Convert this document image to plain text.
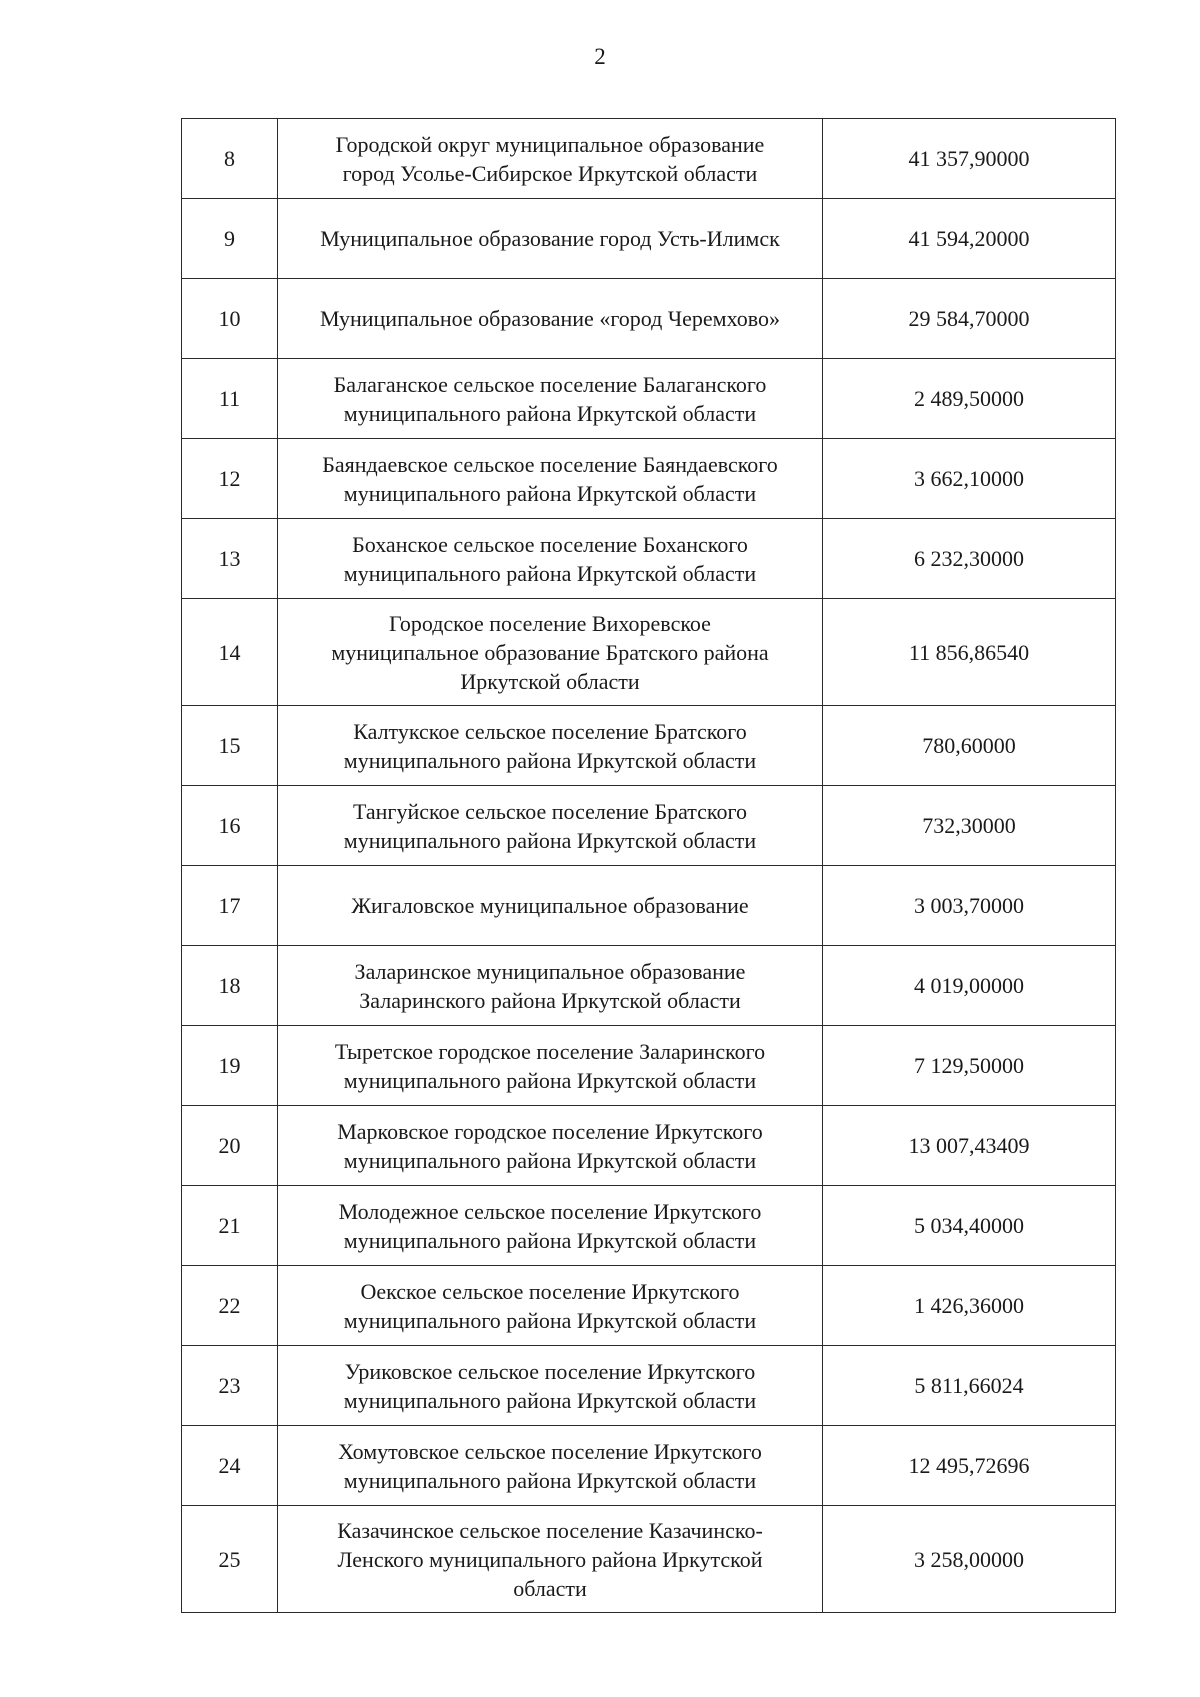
2
8	Городской округ муниципальное образование
город Усолье-Сибирское Иркутской области	41 357,90000
9	Муниципальное образование город Усть-Илимск	41 594,20000
10	Муниципальное образование «город Черемхово»	29 584,70000
11	Балаганское сельское поселение Балаганского
муниципального района Иркутской области	2 489,50000
12	Баяндаевское сельское поселение Баяндаевского
муниципального района Иркутской области	3 662,10000
13	Боханское сельское поселение Боханского
муниципального района Иркутской области	6 232,30000
14	Городское поселение Вихоревское
муниципальное образование Братского района
Иркутской области	11 856,86540
15	Калтукское сельское поселение Братского
муниципального района Иркутской области	780,60000
16	Тангуйское сельское поселение Братского
муниципального района Иркутской области	732,30000
17	Жигаловское муниципальное образование	3 003,70000
18	Заларинское муниципальное образование
Заларинского района Иркутской области	4 019,00000
19	Тыретское городское поселение Заларинского
муниципального района Иркутской области	7 129,50000
20	Марковское городское поселение Иркутского
муниципального района Иркутской области	13 007,43409
21	Молодежное сельское поселение Иркутского
муниципального района Иркутской области	5 034,40000
22	Оекское сельское поселение Иркутского
муниципального района Иркутской области	1 426,36000
23	Уриковское сельское поселение Иркутского
муниципального района Иркутской области	5 811,66024
24	Хомутовское сельское поселение Иркутского
муниципального района Иркутской области	12 495,72696
25	Казачинское сельское поселение Казачинско-
Ленского муниципального района Иркутской
области	3 258,00000
